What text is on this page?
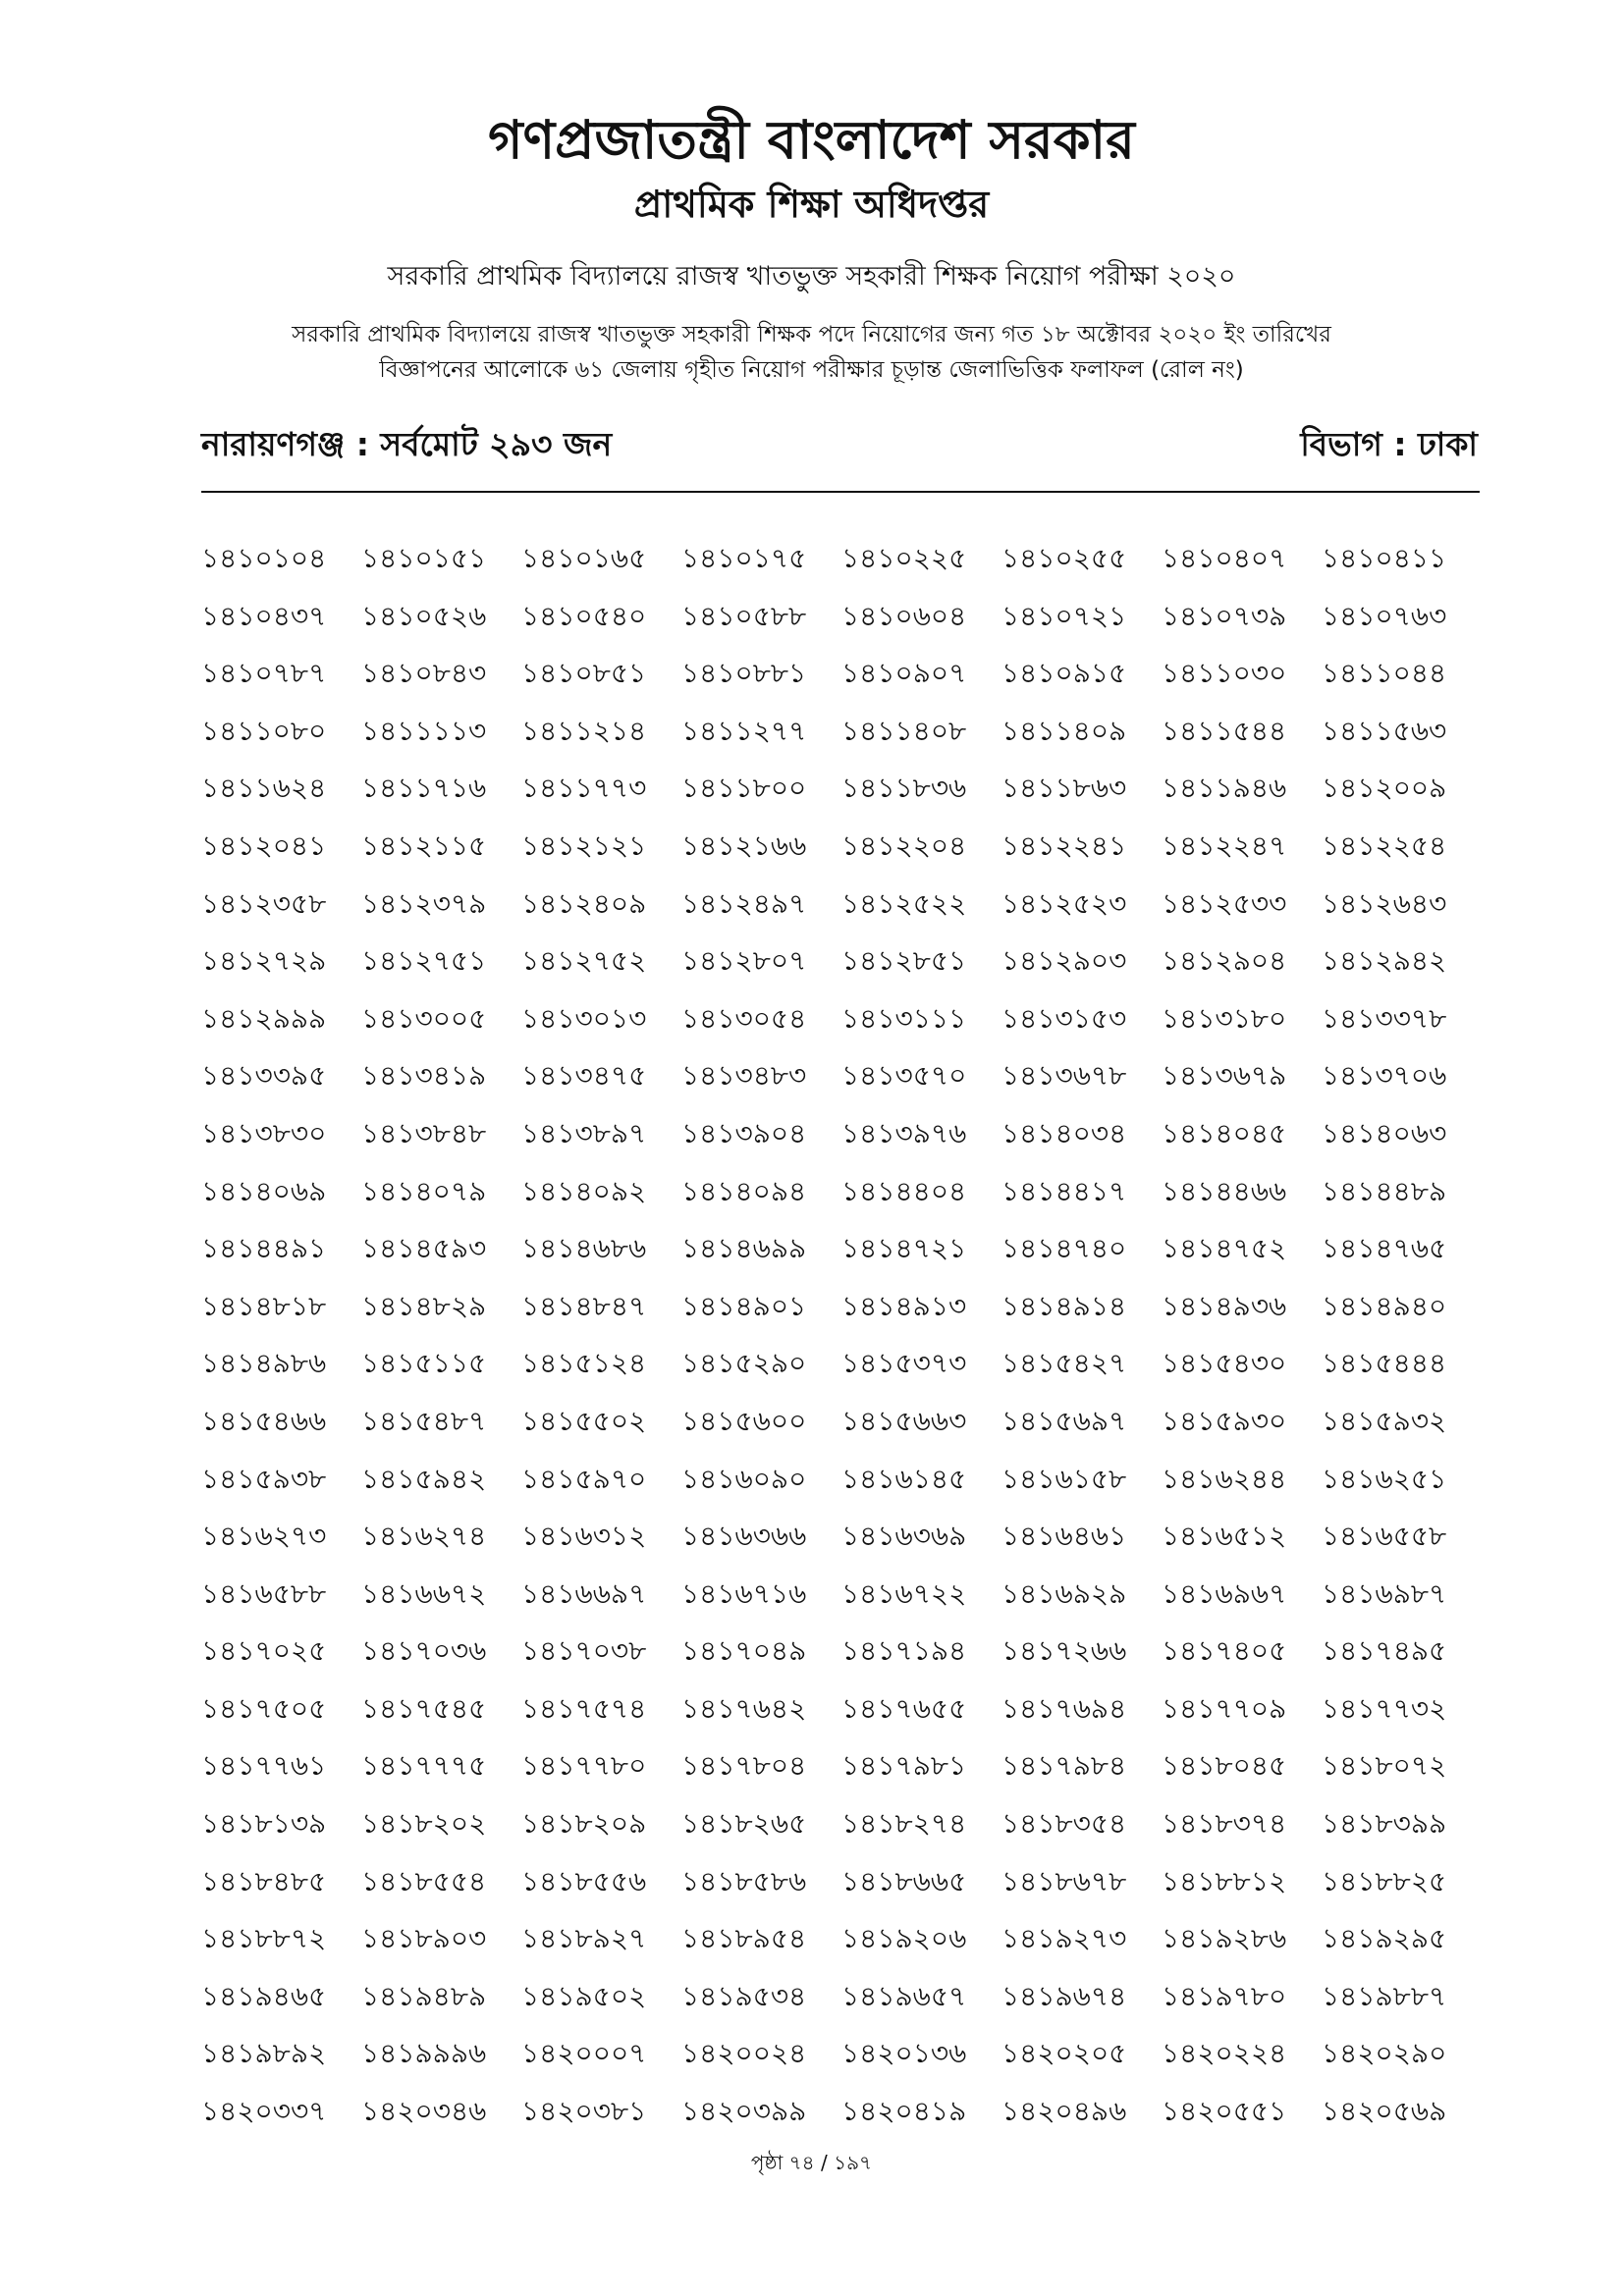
গণপ্রজাতন্ত্রী বাংলাদেশ সরকার
প্রাথমিক শিক্ষা অধিদপ্তর
সরকারি প্রাথমিক বিদ্যালয়ে রাজস্ব খাতভুক্ত সহকারী শিক্ষক নিয়োগ পরীক্ষা ২০২০
সরকারি প্রাথমিক বিদ্যালয়ে রাজস্ব খাতভুক্ত সহকারী শিক্ষক পদে নিয়োগের জন্য গত ১৮ অক্টোবর ২০২০ ইং তারিখের
বিজ্ঞাপনের আলোকে ৬১ জেলায় গৃহীত নিয়োগ পরীক্ষার চূড়ান্ত জেলাভিত্তিক ফলাফল (রোল নং)
নারায়ণগঞ্জ : সর্বমোট ২৯৩ জন	বিভাগ : ঢাকা
১৪১০১০৪	১৪১০১৫১	১৪১০১৬৫	১৪১০১৭৫	১৪১০২২৫	১৪১০২৫৫	১৪১০৪০৭	১৪১০৪১১
১৪১০৪৩৭	১৪১০৫২৬	১৪১০৫৪০	১৪১০৫৮৮	১৪১০৬০৪	১৪১০৭২১	১৪১০৭৩৯	১৪১০৭৬৩
১৪১০৭৮৭	১৪১০৮৪৩	১৪১০৮৫১	১৪১০৮৮১	১৪১০৯০৭	১৪১০৯১৫	১৪১১০৩০	১৪১১০৪৪
১৪১১০৮০	১৪১১১১৩	১৪১১২১৪	১৪১১২৭৭	১৪১১৪০৮	১৪১১৪০৯	১৪১১৫৪৪	১৪১১৫৬৩
১৪১১৬২৪	১৪১১৭১৬	১৪১১৭৭৩	১৪১১৮০০	১৪১১৮৩৬	১৪১১৮৬৩	১৪১১৯৪৬	১৪১২০০৯
১৪১২০৪১	১৪১২১১৫	১৪১২১২১	১৪১২১৬৬	১৪১২২০৪	১৪১২২৪১	১৪১২২৪৭	১৪১২২৫৪
১৪১২৩৫৮	১৪১২৩৭৯	১৪১২৪০৯	১৪১২৪৯৭	১৪১২৫২২	১৪১২৫২৩	১৪১২৫৩৩	১৪১২৬৪৩
১৪১২৭২৯	১৪১২৭৫১	১৪১২৭৫২	১৪১২৮০৭	১৪১২৮৫১	১৪১২৯০৩	১৪১২৯০৪	১৪১২৯৪২
১৪১২৯৯৯	১৪১৩০০৫	১৪১৩০১৩	১৪১৩০৫৪	১৪১৩১১১	১৪১৩১৫৩	১৪১৩১৮০	১৪১৩৩৭৮
১৪১৩৩৯৫	১৪১৩৪১৯	১৪১৩৪৭৫	১৪১৩৪৮৩	১৪১৩৫৭০	১৪১৩৬৭৮	১৪১৩৬৭৯	১৪১৩৭০৬
১৪১৩৮৩০	১৪১৩৮৪৮	১৪১৩৮৯৭	১৪১৩৯০৪	১৪১৩৯৭৬	১৪১৪০৩৪	১৪১৪০৪৫	১৪১৪০৬৩
১৪১৪০৬৯	১৪১৪০৭৯	১৪১৪০৯২	১৪১৪০৯৪	১৪১৪৪০৪	১৪১৪৪১৭	১৪১৪৪৬৬	১৪১৪৪৮৯
১৪১৪৪৯১	১৪১৪৫৯৩	১৪১৪৬৮৬	১৪১৪৬৯৯	১৪১৪৭২১	১৪১৪৭৪০	১৪১৪৭৫২	১৪১৪৭৬৫
১৪১৪৮১৮	১৪১৪৮২৯	১৪১৪৮৪৭	১৪১৪৯০১	১৪১৪৯১৩	১৪১৪৯১৪	১৪১৪৯৩৬	১৪১৪৯৪০
১৪১৪৯৮৬	১৪১৫১১৫	১৪১৫১২৪	১৪১৫২৯০	১৪১৫৩৭৩	১৪১৫৪২৭	১৪১৫৪৩০	১৪১৫৪৪৪
১৪১৫৪৬৬	১৪১৫৪৮৭	১৪১৫৫০২	১৪১৫৬০০	১৪১৫৬৬৩	১৪১৫৬৯৭	১৪১৫৯৩০	১৪১৫৯৩২
১৪১৫৯৩৮	১৪১৫৯৪২	১৪১৫৯৭০	১৪১৬০৯০	১৪১৬১৪৫	১৪১৬১৫৮	১৪১৬২৪৪	১৪১৬২৫১
১৪১৬২৭৩	১৪১৬২৭৪	১৪১৬৩১২	১৪১৬৩৬৬	১৪১৬৩৬৯	১৪১৬৪৬১	১৪১৬৫১২	১৪১৬৫৫৮
১৪১৬৫৮৮	১৪১৬৬৭২	১৪১৬৬৯৭	১৪১৬৭১৬	১৪১৬৭২২	১৪১৬৯২৯	১৪১৬৯৬৭	১৪১৬৯৮৭
১৪১৭০২৫	১৪১৭০৩৬	১৪১৭০৩৮	১৪১৭০৪৯	১৪১৭১৯৪	১৪১৭২৬৬	১৪১৭৪০৫	১৪১৭৪৯৫
১৪১৭৫০৫	১৪১৭৫৪৫	১৪১৭৫৭৪	১৪১৭৬৪২	১৪১৭৬৫৫	১৪১৭৬৯৪	১৪১৭৭০৯	১৪১৭৭৩২
১৪১৭৭৬১	১৪১৭৭৭৫	১৪১৭৭৮০	১৪১৭৮০৪	১৪১৭৯৮১	১৪১৭৯৮৪	১৪১৮০৪৫	১৪১৮০৭২
১৪১৮১৩৯	১৪১৮২০২	১৪১৮২০৯	১৪১৮২৬৫	১৪১৮২৭৪	১৪১৮৩৫৪	১৪১৮৩৭৪	১৪১৮৩৯৯
১৪১৮৪৮৫	১৪১৮৫৫৪	১৪১৮৫৫৬	১৪১৮৫৮৬	১৪১৮৬৬৫	১৪১৮৬৭৮	১৪১৮৮১২	১৪১৮৮২৫
১৪১৮৮৭২	১৪১৮৯০৩	১৪১৮৯২৭	১৪১৮৯৫৪	১৪১৯২০৬	১৪১৯২৭৩	১৪১৯২৮৬	১৪১৯২৯৫
১৪১৯৪৬৫	১৪১৯৪৮৯	১৪১৯৫০২	১৪১৯৫৩৪	১৪১৯৬৫৭	১৪১৯৬৭৪	১৪১৯৭৮০	১৪১৯৮৮৭
১৪১৯৮৯২	১৪১৯৯৯৬	১৪২০০০৭	১৪২০০২৪	১৪২০১৩৬	১৪২০২০৫	১৪২০২২৪	১৪২০২৯০
১৪২০৩৩৭	১৪২০৩৪৬	১৪২০৩৮১	১৪২০৩৯৯	১৪২০৪১৯	১৪২০৪৯৬	১৪২০৫৫১	১৪২০৫৬৯
পৃষ্ঠা ৭৪ / ১৯৭
